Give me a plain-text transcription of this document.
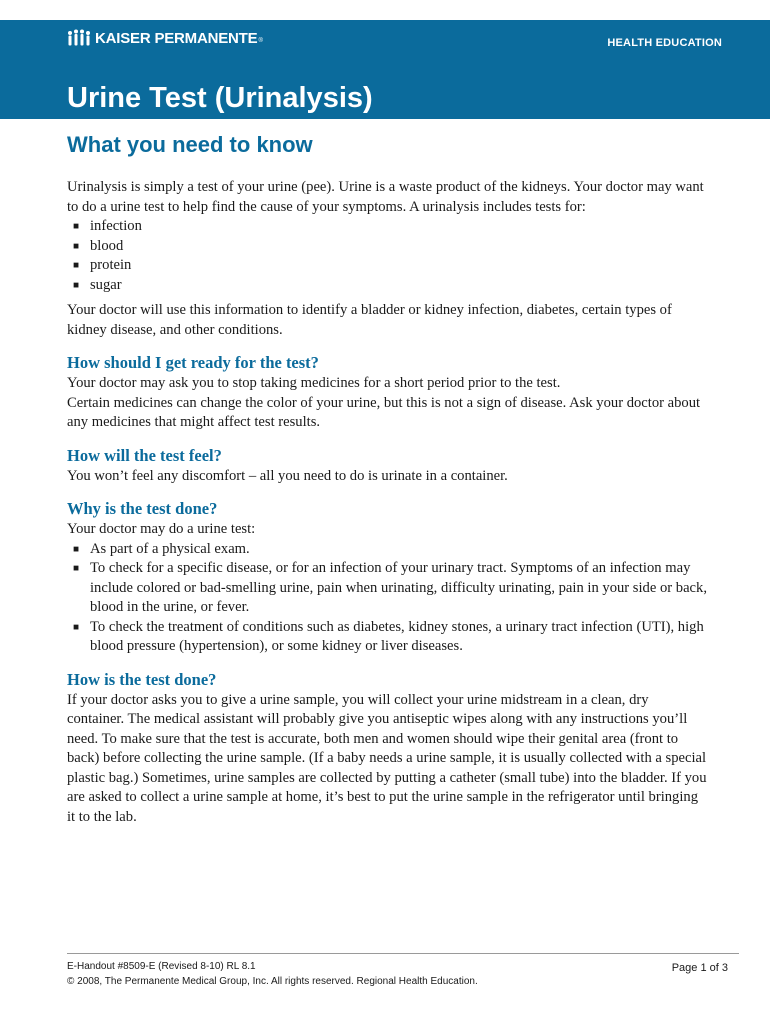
KAISER PERMANENTE ®	HEALTH EDUCATION
Urine Test (Urinalysis)
What you need to know

Urinalysis is simply a test of your urine (pee). Urine is a waste product of the kidneys. Your doctor may want to do a urine test to help find the cause of your symptoms. A urinalysis includes tests for:

■ infection
■ blood
■ protein
■ sugar

Your doctor will use this information to identify a bladder or kidney infection, diabetes, certain types of kidney disease, and other conditions.

How should I get ready for the test?

Your doctor may ask you to stop taking medicines for a short period prior to the test.

Certain medicines can change the color of your urine, but this is not a sign of disease. Ask your doctor about any medicines that might affect test results.

How will the test feel?

You won’t feel any discomfort – all you need to do is urinate in a container.

Why is the test done?

Your doctor may do a urine test:

■ As part of a physical exam.
■ To check for a specific disease, or for an infection of your urinary tract. Symptoms of an infection may include colored or bad-smelling urine, pain when urinating, difficulty urinating, pain in your side or back, blood in the urine, or fever.
■ To check the treatment of conditions such as diabetes, kidney stones, a urinary tract infection (UTI), high blood pressure (hypertension), or some kidney or liver diseases.
How is the test done?

If your doctor asks you to give a urine sample, you will collect your urine midstream in a clean, dry container. The medical assistant will probably give you antiseptic wipes along with any instructions you’ll need. To make sure that the test is accurate, both men and women should wipe their genital area (front to back) before collecting the urine sample. (If a baby needs a urine sample, it is usually collected with a special plastic bag.) Sometimes, urine samples are collected by putting a catheter (small tube) into the bladder. If you are asked to collect a urine sample at home, it’s best to put the urine sample in the refrigerator until bringing it to the lab.

E-Handout #8509-E (Revised 8-10) RL 8.1
© 2008, The Permanente Medical Group, Inc. All rights reserved. Regional Health Education.
Page 1 of 3
